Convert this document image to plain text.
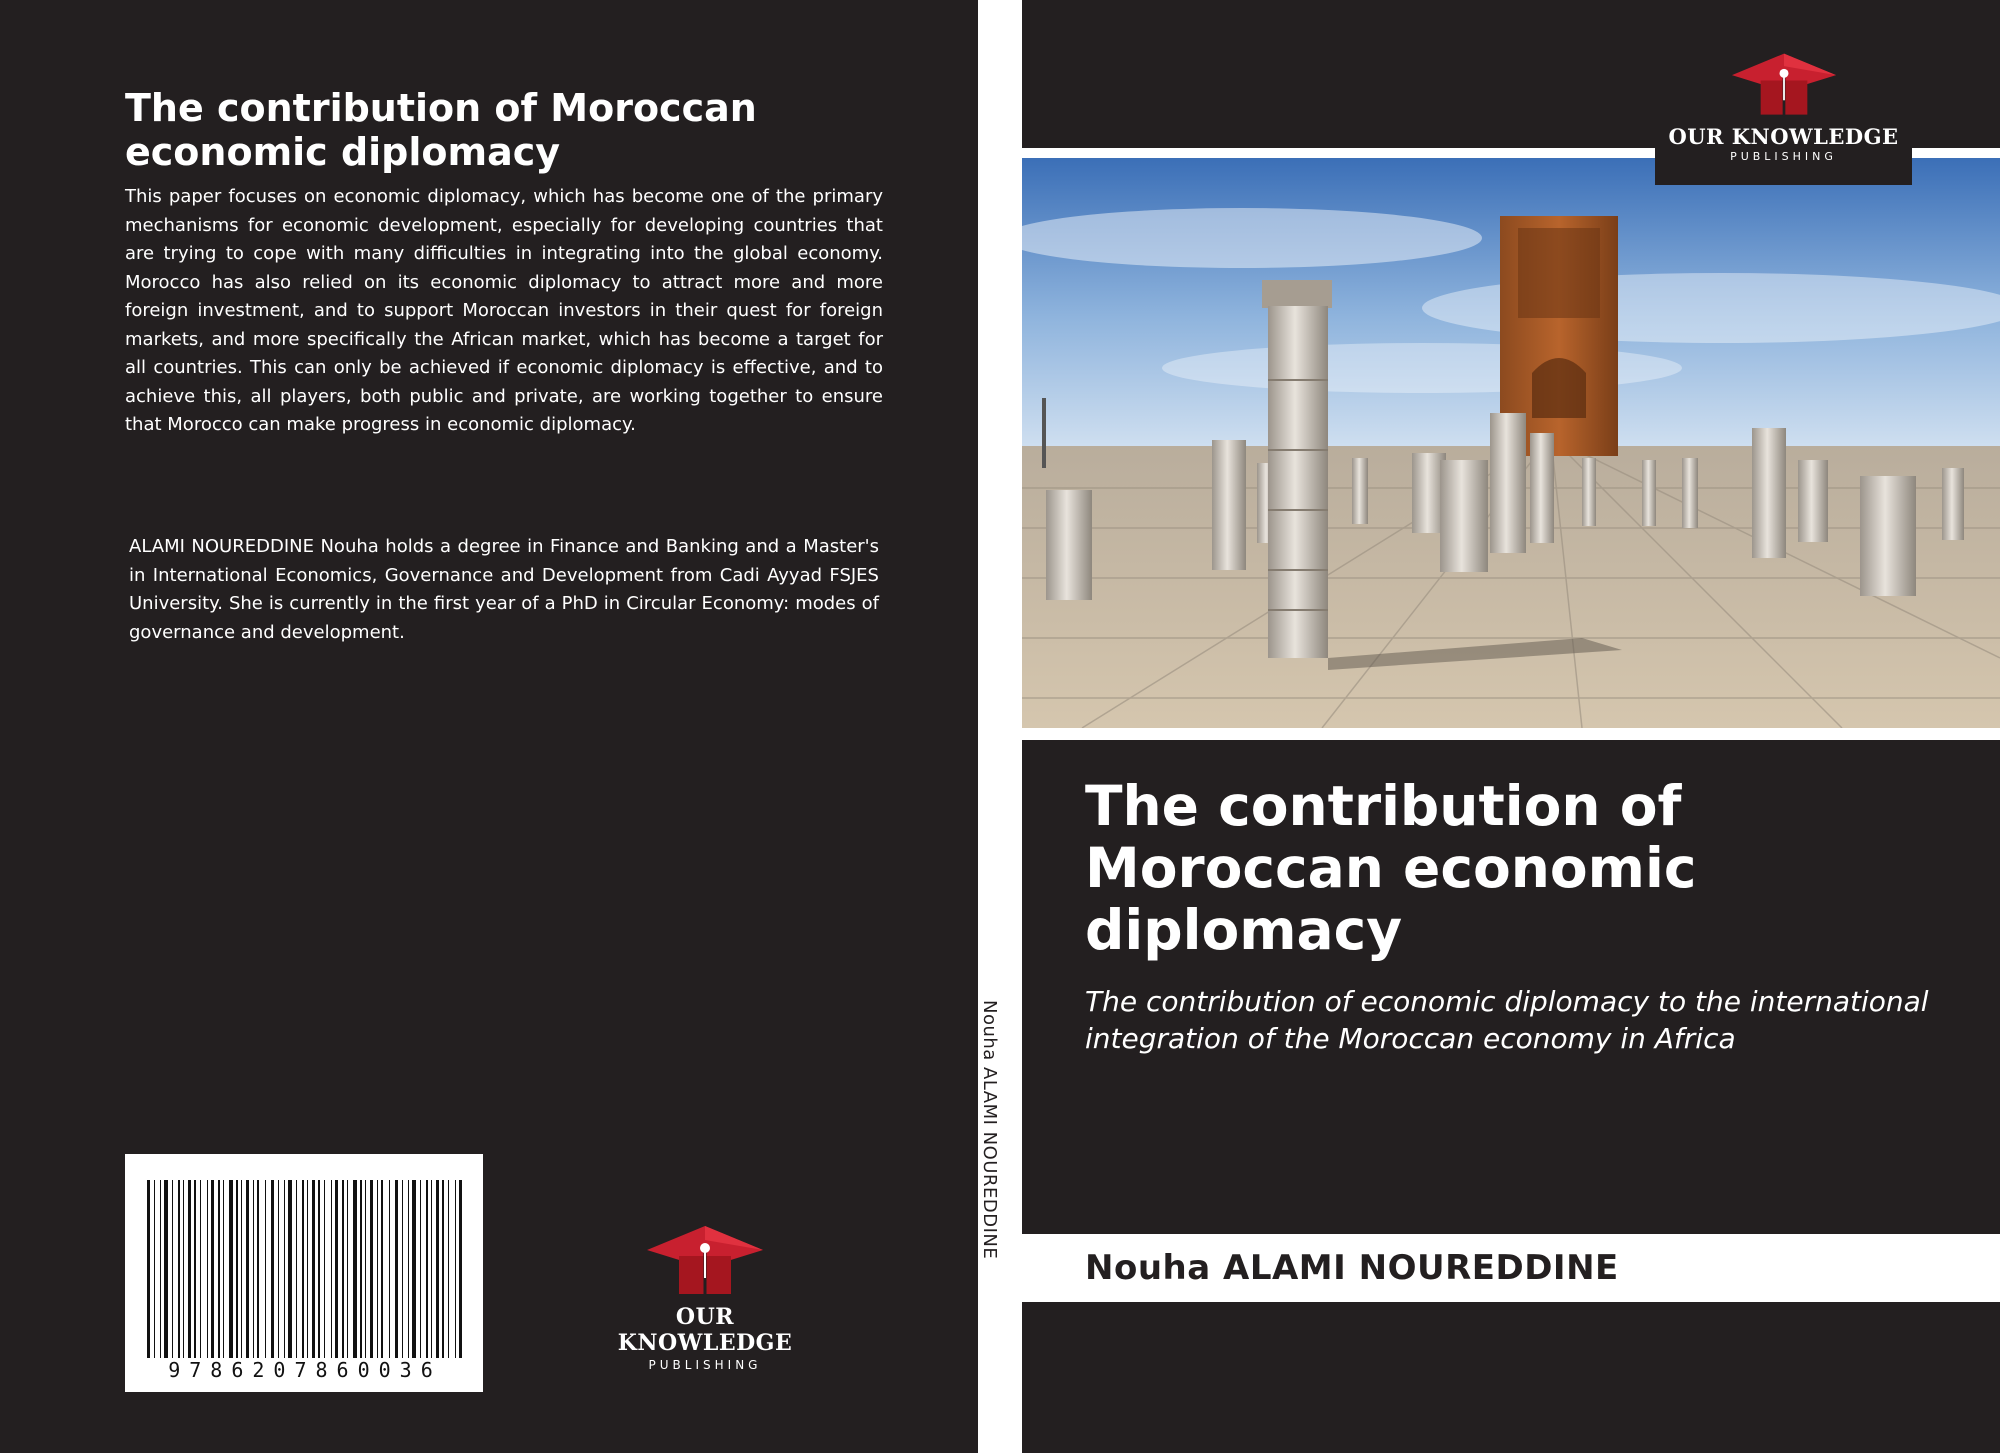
The contribution of Moroccan economic diplomacy
This paper focuses on economic diplomacy, which has become one of the primary mechanisms for economic development, especially for developing countries that are trying to cope with many difficulties in integrating into the global economy. Morocco has also relied on its economic diplomacy to attract more and more foreign investment, and to support Moroccan investors in their quest for foreign markets, and more specifically the African market, which has become a target for all countries. This can only be achieved if economic diplomacy is effective, and to achieve this, all players, both public and private, are working together to ensure that Morocco can make progress in economic diplomacy.
ALAMI NOUREDDINE Nouha holds a degree in Finance and Banking and a Master's in International Economics, Governance and Development from Cadi Ayyad FSJES University. She is currently in the first year of a PhD in Circular Economy: modes of governance and development.
9786207860036
OUR KNOWLEDGE
PUBLISHING
Nouha ALAMI NOUREDDINE
OUR KNOWLEDGE
PUBLISHING
The contribution of Moroccan economic diplomacy
The contribution of economic diplomacy to the international integration of the Moroccan economy in Africa
Nouha ALAMI NOUREDDINE
